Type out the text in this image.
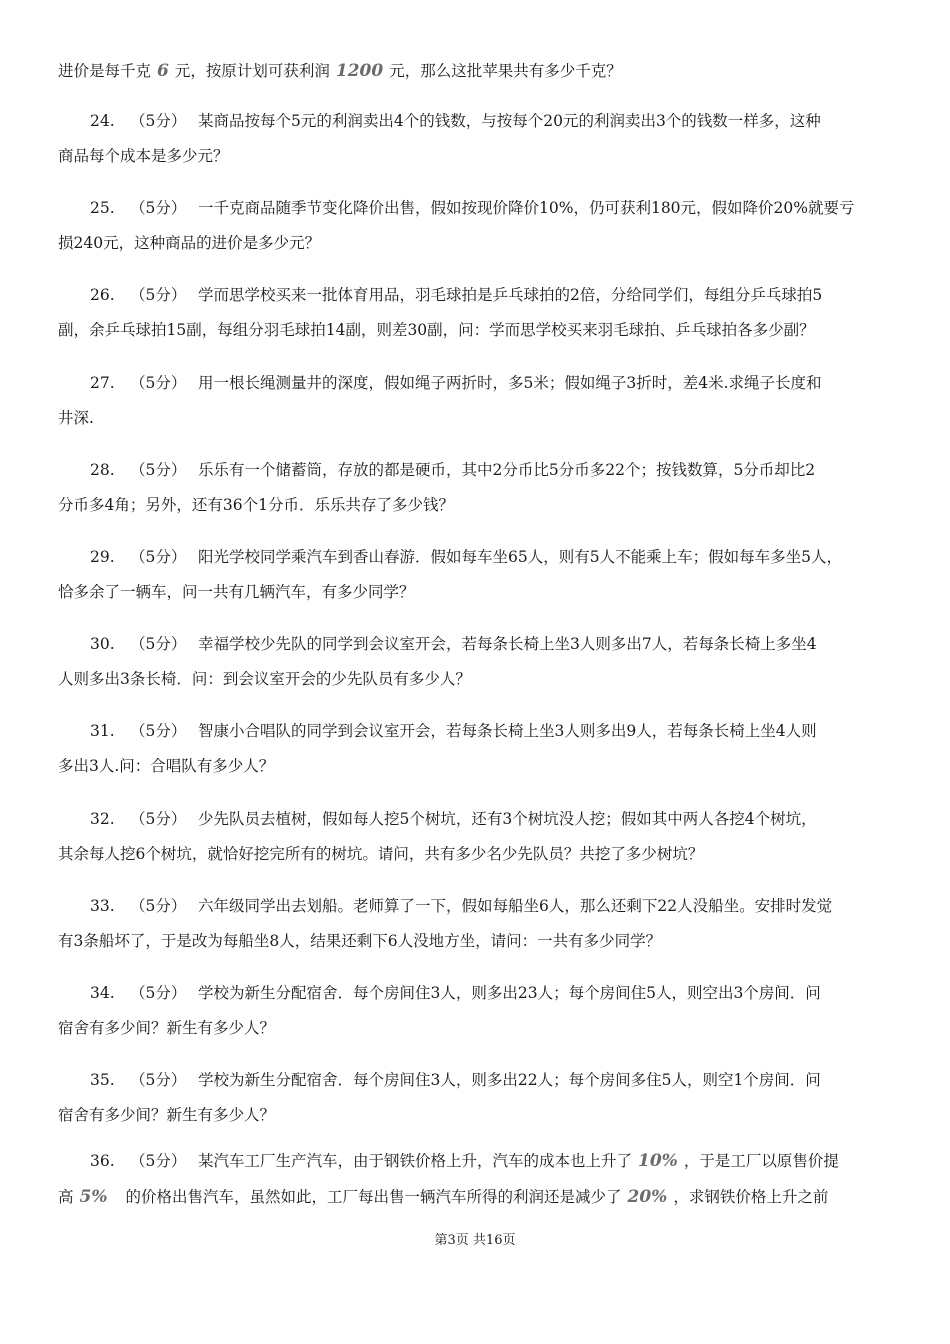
进价是每千克 6 元，按原计划可获利润 1200 元，那么这批苹果共有多少千克？
24. （5分） 某商品按每个5元的利润卖出4个的钱数，与按每个20元的利润卖出3个的钱数一样多，这种
商品每个成本是多少元？
25. （5分） 一千克商品随季节变化降价出售，假如按现价降价10%，仍可获利180元，假如降价20%就要亏
损240元，这种商品的进价是多少元？
26. （5分） 学而思学校买来一批体育用品，羽毛球拍是乒乓球拍的2倍，分给同学们，每组分乒乓球拍5
副，余乒乓球拍15副，每组分羽毛球拍14副，则差30副，问：学而思学校买来羽毛球拍、乒乓球拍各多少副？
27. （5分） 用一根长绳测量井的深度，假如绳子两折时，多5米；假如绳子3折时，差4米.求绳子长度和
井深.
28. （5分） 乐乐有一个储蓄筒，存放的都是硬币，其中2分币比5分币多22个；按钱数算，5分币却比2
分币多4角；另外，还有36个1分币．乐乐共存了多少钱？
29. （5分） 阳光学校同学乘汽车到香山春游．假如每车坐65人，则有5人不能乘上车；假如每车多坐5人，
恰多余了一辆车，问一共有几辆汽车，有多少同学？
30. （5分） 幸福学校少先队的同学到会议室开会，若每条长椅上坐3人则多出7人，若每条长椅上多坐4
人则多出3条长椅．问：到会议室开会的少先队员有多少人？
31. （5分） 智康小合唱队的同学到会议室开会，若每条长椅上坐3人则多出9人，若每条长椅上坐4人则
多出3人.问：合唱队有多少人？
32. （5分） 少先队员去植树，假如每人挖5个树坑，还有3个树坑没人挖；假如其中两人各挖4个树坑，
其余每人挖6个树坑，就恰好挖完所有的树坑。请问，共有多少名少先队员？共挖了多少树坑？
33. （5分） 六年级同学出去划船。老师算了一下，假如每船坐6人，那么还剩下22人没船坐。安排时发觉
有3条船坏了，于是改为每船坐8人，结果还剩下6人没地方坐，请问：一共有多少同学？
34. （5分） 学校为新生分配宿舍．每个房间住3人，则多出23人；每个房间住5人，则空出3个房间．问
宿舍有多少间？新生有多少人？
35. （5分） 学校为新生分配宿舍．每个房间住3人，则多出22人；每个房间多住5人，则空1个房间．问
宿舍有多少间？新生有多少人？
36. （5分） 某汽车工厂生产汽车，由于钢铁价格上升，汽车的成本也上升了 10% ，于是工厂以原售价提
高 5% 的价格出售汽车，虽然如此，工厂每出售一辆汽车所得的利润还是减少了 20% ，求钢铁价格上升之前
第3页 共16页
